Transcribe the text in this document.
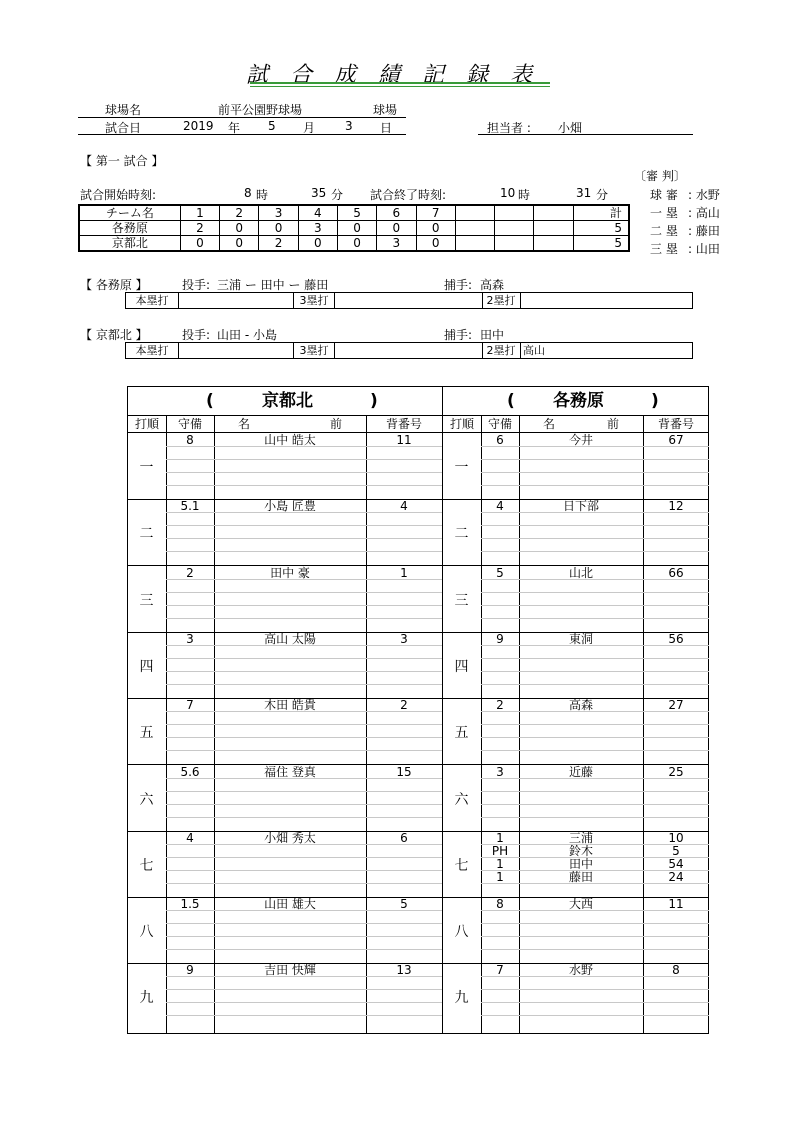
試合成績記録表
球場名	前平公園野球場	球場
試合日	2019 年 5 月 3 日	担当者 : 小畑
【 第一 試合 】
〔審 判〕
球 審 : 水野
一 塁 : 高山
二 塁 : 藤田
三 塁 : 山田
試合開始時刻:	8 時	35 分 試合終了時刻:	10 時	31 分
チーム名	1	2	3	4	5	6	7				計
各務原	2	0	0	3	0	0	0				5
京都北	0	0	2	0	0	3	0				5
【 各務原 】	投手: 三浦 ー 田中 ー 藤田	捕手: 高森
本塁打	3塁打	2塁打
【 京都北 】	投手: 山田 - 小島	捕手: 田中
本塁打	3塁打	2塁打 高山
(	京都北	)
打順	守備	名	前	背番号
一
8	山中 皓太	11
二
5.1	小島 匠豊	4
三
2	田中 豪	1
四
3	高山 太陽	3
五
7	木田 皓貴	2
六
5.6	福住 登真	15
七
4	小畑 秀太	6
八
1.5	山田 雄大	5
九
9	吉田 快輝	13
( 各務原	)
打順	守備	名	前	背番号
一
6	今井	67
二
4	日下部	12
三
5	山北	66
四
9	東洞	56
五
2	高森	27
六
3	近藤	25
七
1	三浦	10
PH	鈴木	5
1	田中	54
1	藤田	24
八
8	大西	11
九
7	水野	8
